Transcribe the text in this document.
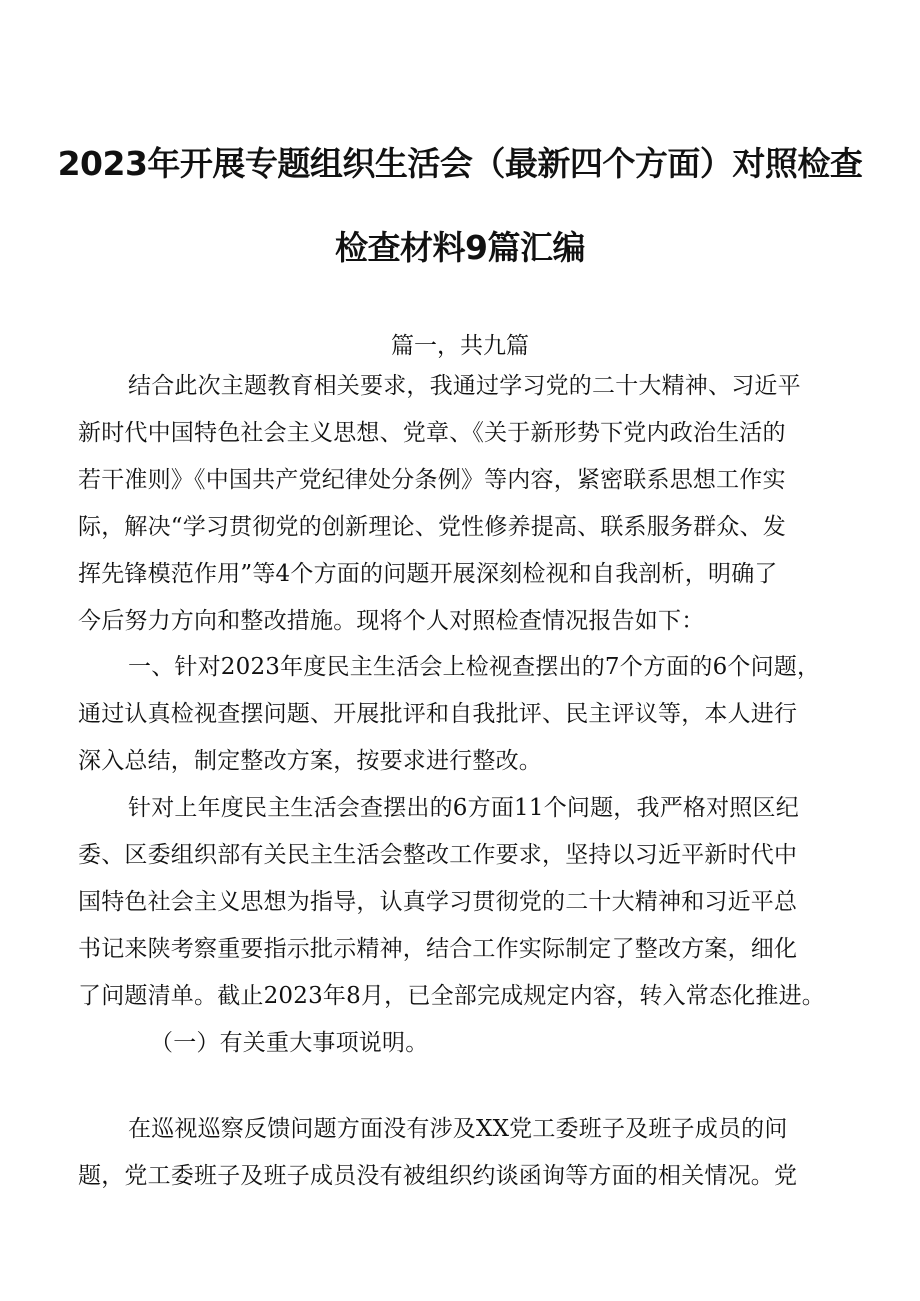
2023年开展专题组织生活会（最新四个方面）对照检查
检查材料9篇汇编
篇一，共九篇
结合此次主题教育相关要求，我通过学习党的二十大精神、习近平
新时代中国特色社会主义思想、党章、《关于新形势下党内政治生活的
若干准则》《中国共产党纪律处分条例》等内容，紧密联系思想工作实
际，解决“学习贯彻党的创新理论、党性修养提高、联系服务群众、发
挥先锋模范作用”等4个方面的问题开展深刻检视和自我剖析，明确了
今后努力方向和整改措施。现将个人对照检查情况报告如下：
一、针对2023年度民主生活会上检视查摆出的7个方面的6个问题，
通过认真检视查摆问题、开展批评和自我批评、民主评议等，本人进行
深入总结，制定整改方案，按要求进行整改。
针对上年度民主生活会查摆出的6方面11个问题，我严格对照区纪
委、区委组织部有关民主生活会整改工作要求，坚持以习近平新时代中
国特色社会主义思想为指导，认真学习贯彻党的二十大精神和习近平总
书记来陕考察重要指示批示精神，结合工作实际制定了整改方案，细化
了问题清单。截止2023年8月，已全部完成规定内容，转入常态化推进。
（一）有关重大事项说明。
在巡视巡察反馈问题方面没有涉及XX党工委班子及班子成员的问
题，党工委班子及班子成员没有被组织约谈函询等方面的相关情况。党
